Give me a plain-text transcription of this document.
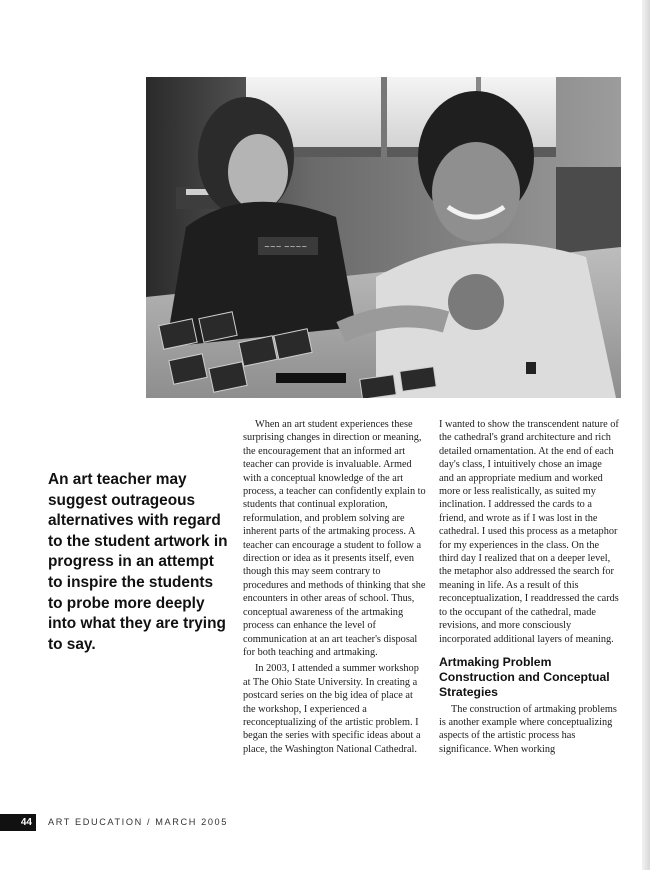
~~~ ~~~~
An art teacher may suggest outrageous alternatives with regard to the student artwork in progress in an attempt to inspire the students to probe more deeply into what they are trying to say.

When an art student experiences these surprising changes in direction or meaning, the encouragement that an informed art teacher can provide is invaluable. Armed with a conceptual knowledge of the art process, a teacher can confidently explain to students that continual exploration, reformulation, and problem solving are inherent parts of the artmaking process. A teacher can encourage a student to follow a direction or idea as it presents itself, even though this may seem contrary to procedures and methods of thinking that she encounters in other areas of school. Thus, conceptual awareness of the artmaking process can enhance the level of communication at an art teacher's disposal for both teaching and artmaking.

In 2003, I attended a summer workshop at The Ohio State University. In creating a postcard series on the big idea of place at the workshop, I experienced a reconceptualizing of the artistic problem. I began the series with specific ideas about a place, the Washington National Cathedral.

I wanted to show the transcendent nature of the cathedral's grand architecture and rich detailed ornamentation. At the end of each day's class, I intuitively chose an image and an appropriate medium and worked more or less realistically, as suited my inclination. I addressed the cards to a friend, and wrote as if I was lost in the cathedral. I used this process as a metaphor for my experiences in the class. On the third day I realized that on a deeper level, the metaphor also addressed the search for meaning in life. As a result of this reconceptualization, I readdressed the cards to the occupant of the cathedral, made revisions, and more consciously incorporated additional layers of meaning.

Artmaking Problem Construction and Conceptual Strategies

The construction of artmaking problems is another example where conceptualizing aspects of the artistic process has significance. When working

44	ART EDUCATION / MARCH 2005
